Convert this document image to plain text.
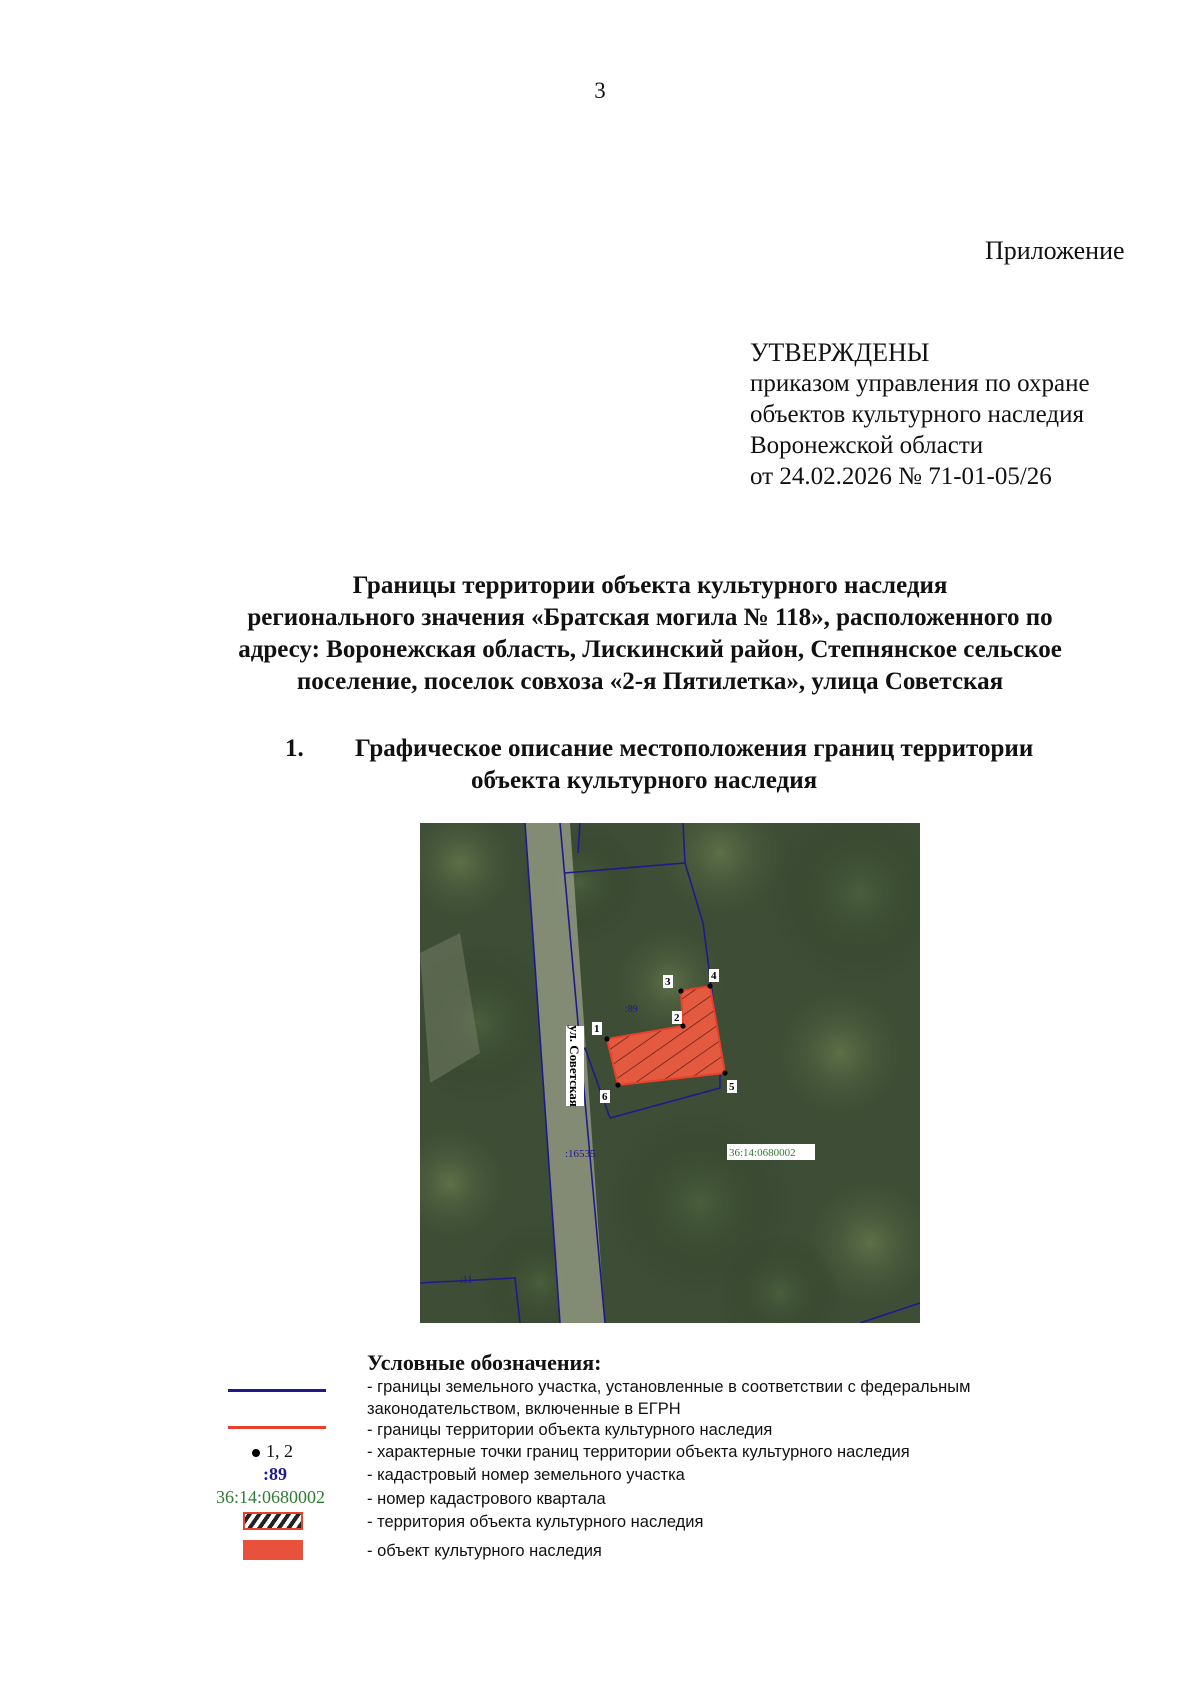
3
Приложение
УТВЕРЖДЕНЫ
приказом управления по охране
объектов культурного наследия
Воронежской области
от 24.02.2026 № 71-01-05/26
Границы территории объекта культурного наследия
регионального значения «Братская могила № 118», расположенного по
адресу: Воронежская область, Лискинский район, Степнянское сельское
поселение, поселок совхоза «2-я Пятилетка», улица Советская
1. Графическое описание местоположения границ территории
объекта культурного наследия
1
2
3	4
5
6
ул. Советская
:89
:16535
:11
36:14:0680002
Условные обозначения:
- границы земельного участка, установленные в соответствии с федеральным законодательством, включенные в ЕГРН
- границы территории объекта культурного наследия
1, 2	- характерные точки границ территории объекта культурного наследия
:89	- кадастровый номер земельного участка
36:14:0680002	- номер кадастрового квартала
- территория объекта культурного наследия
- объект культурного наследия
